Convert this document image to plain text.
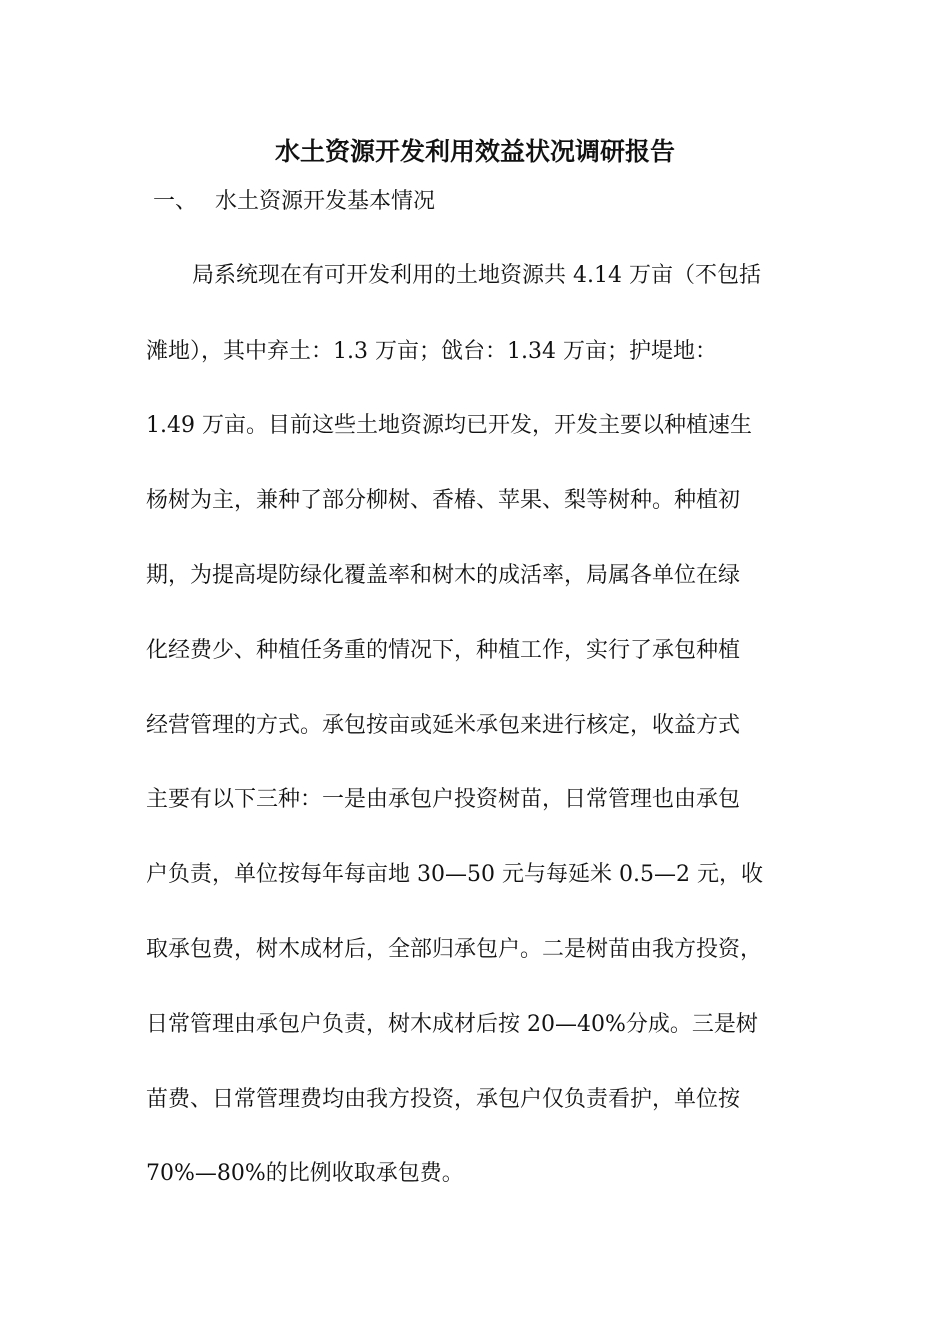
水土资源开发利用效益状况调研报告
一、 水土资源开发基本情况
局系统现在有可开发利用的土地资源共 4.14 万亩（不包括
滩地），其中弃土：1.3 万亩；戗台：1.34 万亩；护堤地：
1.49 万亩。目前这些土地资源均已开发，开发主要以种植速生
杨树为主，兼种了部分柳树、香椿、苹果、梨等树种。种植初
期，为提高堤防绿化覆盖率和树木的成活率，局属各单位在绿
化经费少、种植任务重的情况下，种植工作，实行了承包种植
经营管理的方式。承包按亩或延米承包来进行核定，收益方式
主要有以下三种：一是由承包户投资树苗，日常管理也由承包
户负责，单位按每年每亩地 30—50 元与每延米 0.5—2 元，收
取承包费，树木成材后，全部归承包户。二是树苗由我方投资，
日常管理由承包户负责，树木成材后按 20—40%分成。三是树
苗费、日常管理费均由我方投资，承包户仅负责看护，单位按
70%—80%的比例收取承包费。
